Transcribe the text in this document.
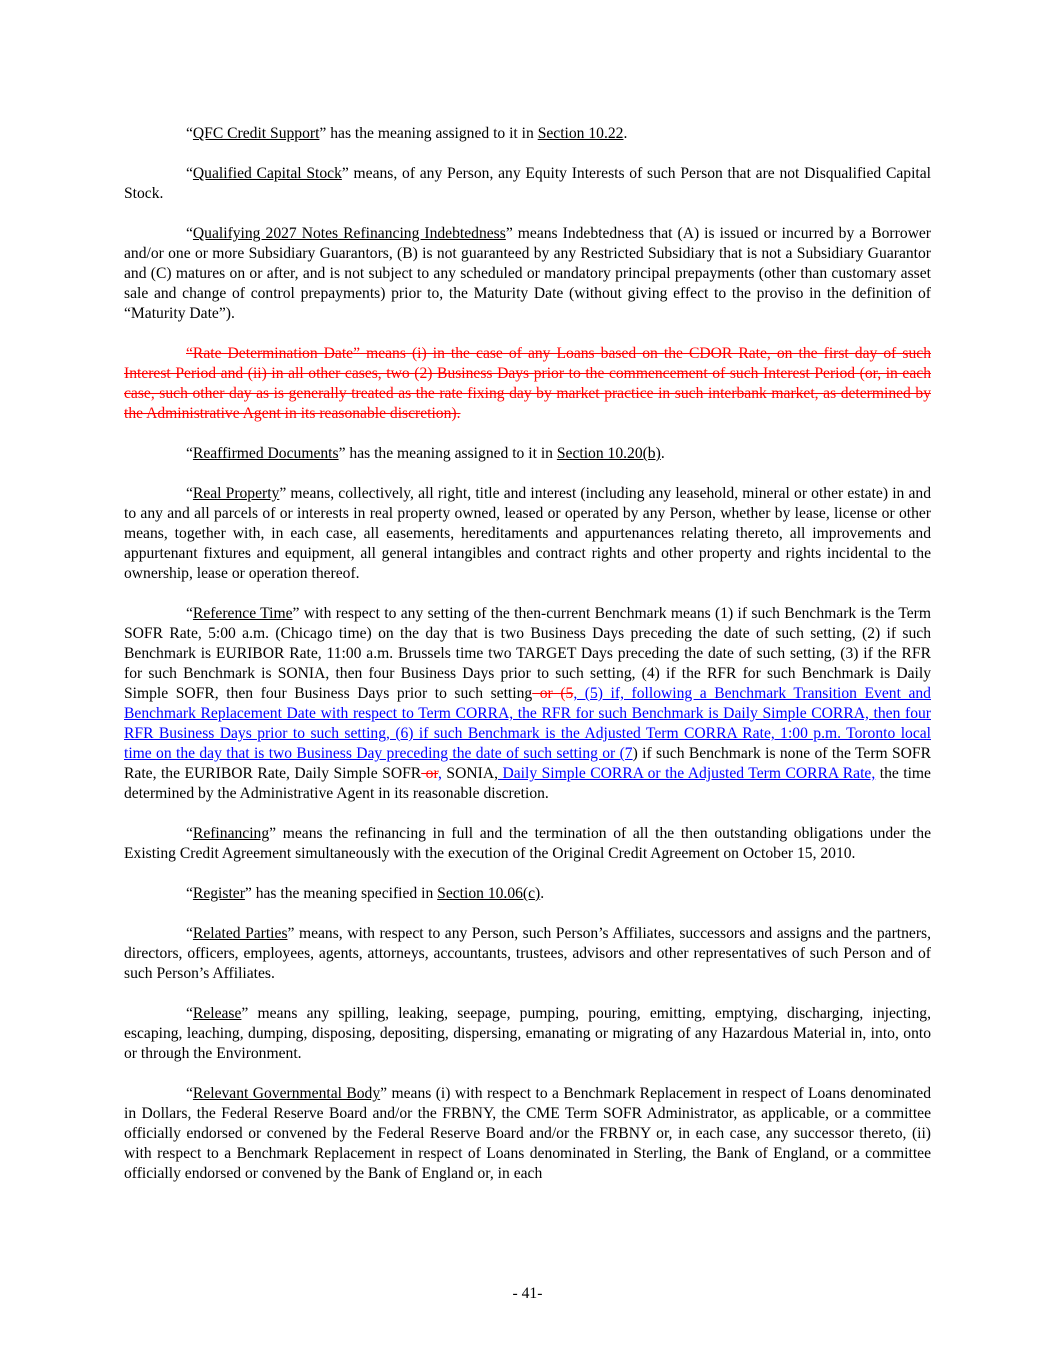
“QFC Credit Support” has the meaning assigned to it in Section 10.22.

“Qualified Capital Stock” means, of any Person, any Equity Interests of such Person that are not Disqualified Capital Stock.

“Qualifying 2027 Notes Refinancing Indebtedness” means Indebtedness that (A) is issued or incurred by a Borrower and/or one or more Subsidiary Guarantors, (B) is not guaranteed by any Restricted Subsidiary that is not a Subsidiary Guarantor and (C) matures on or after, and is not subject to any scheduled or mandatory principal prepayments (other than customary asset sale and change of control prepayments) prior to, the Maturity Date (without giving effect to the proviso in the definition of “Maturity Date”).

“Rate Determination Date” means (i) in the case of any Loans based on the CDOR Rate, on the first day of such Interest Period and (ii) in all other cases, two (2) Business Days prior to the commencement of such Interest Period (or, in each case, such other day as is generally treated as the rate fixing day by market practice in such interbank market, as determined by the Administrative Agent in its reasonable discretion).

“Reaffirmed Documents” has the meaning assigned to it in Section 10.20(b).

“Real Property” means, collectively, all right, title and interest (including any leasehold, mineral or other estate) in and to any and all parcels of or interests in real property owned, leased or operated by any Person, whether by lease, license or other means, together with, in each case, all easements, hereditaments and appurtenances relating thereto, all improvements and appurtenant fixtures and equipment, all general intangibles and contract rights and other property and rights incidental to the ownership, lease or operation thereof.

“Reference Time” with respect to any setting of the then-current Benchmark means (1) if such Benchmark is the Term SOFR Rate, 5:00 a.m. (Chicago time) on the day that is two Business Days preceding the date of such setting, (2) if such Benchmark is EURIBOR Rate, 11:00 a.m. Brussels time two TARGET Days preceding the date of such setting, (3) if the RFR for such Benchmark is SONIA, then four Business Days prior to such setting, (4) if the RFR for such Benchmark is Daily Simple SOFR, then four Business Days prior to such setting or (5, (5) if, following a Benchmark Transition Event and Benchmark Replacement Date with respect to Term CORRA, the RFR for such Benchmark is Daily Simple CORRA, then four RFR Business Days prior to such setting, (6) if such Benchmark is the Adjusted Term CORRA Rate, 1:00 p.m. Toronto local time on the day that is two Business Day preceding the date of such setting or (7) if such Benchmark is none of the Term SOFR Rate, the EURIBOR Rate, Daily Simple SOFR or, SONIA, Daily Simple CORRA or the Adjusted Term CORRA Rate, the time determined by the Administrative Agent in its reasonable discretion.

“Refinancing” means the refinancing in full and the termination of all the then outstanding obligations under the Existing Credit Agreement simultaneously with the execution of the Original Credit Agreement on October 15, 2010.

“Register” has the meaning specified in Section 10.06(c).

“Related Parties” means, with respect to any Person, such Person’s Affiliates, successors and assigns and the partners, directors, officers, employees, agents, attorneys, accountants, trustees, advisors and other representatives of such Person and of such Person’s Affiliates.

“Release” means any spilling, leaking, seepage, pumping, pouring, emitting, emptying, discharging, injecting, escaping, leaching, dumping, disposing, depositing, dispersing, emanating or migrating of any Hazardous Material in, into, onto or through the Environment.

“Relevant Governmental Body” means (i) with respect to a Benchmark Replacement in respect of Loans denominated in Dollars, the Federal Reserve Board and/or the FRBNY, the CME Term SOFR Administrator, as applicable, or a committee officially endorsed or convened by the Federal Reserve Board and/or the FRBNY or, in each case, any successor thereto, (ii) with respect to a Benchmark Replacement in respect of Loans denominated in Sterling, the Bank of England, or a committee officially endorsed or convened by the Bank of England or, in each

- 41-
